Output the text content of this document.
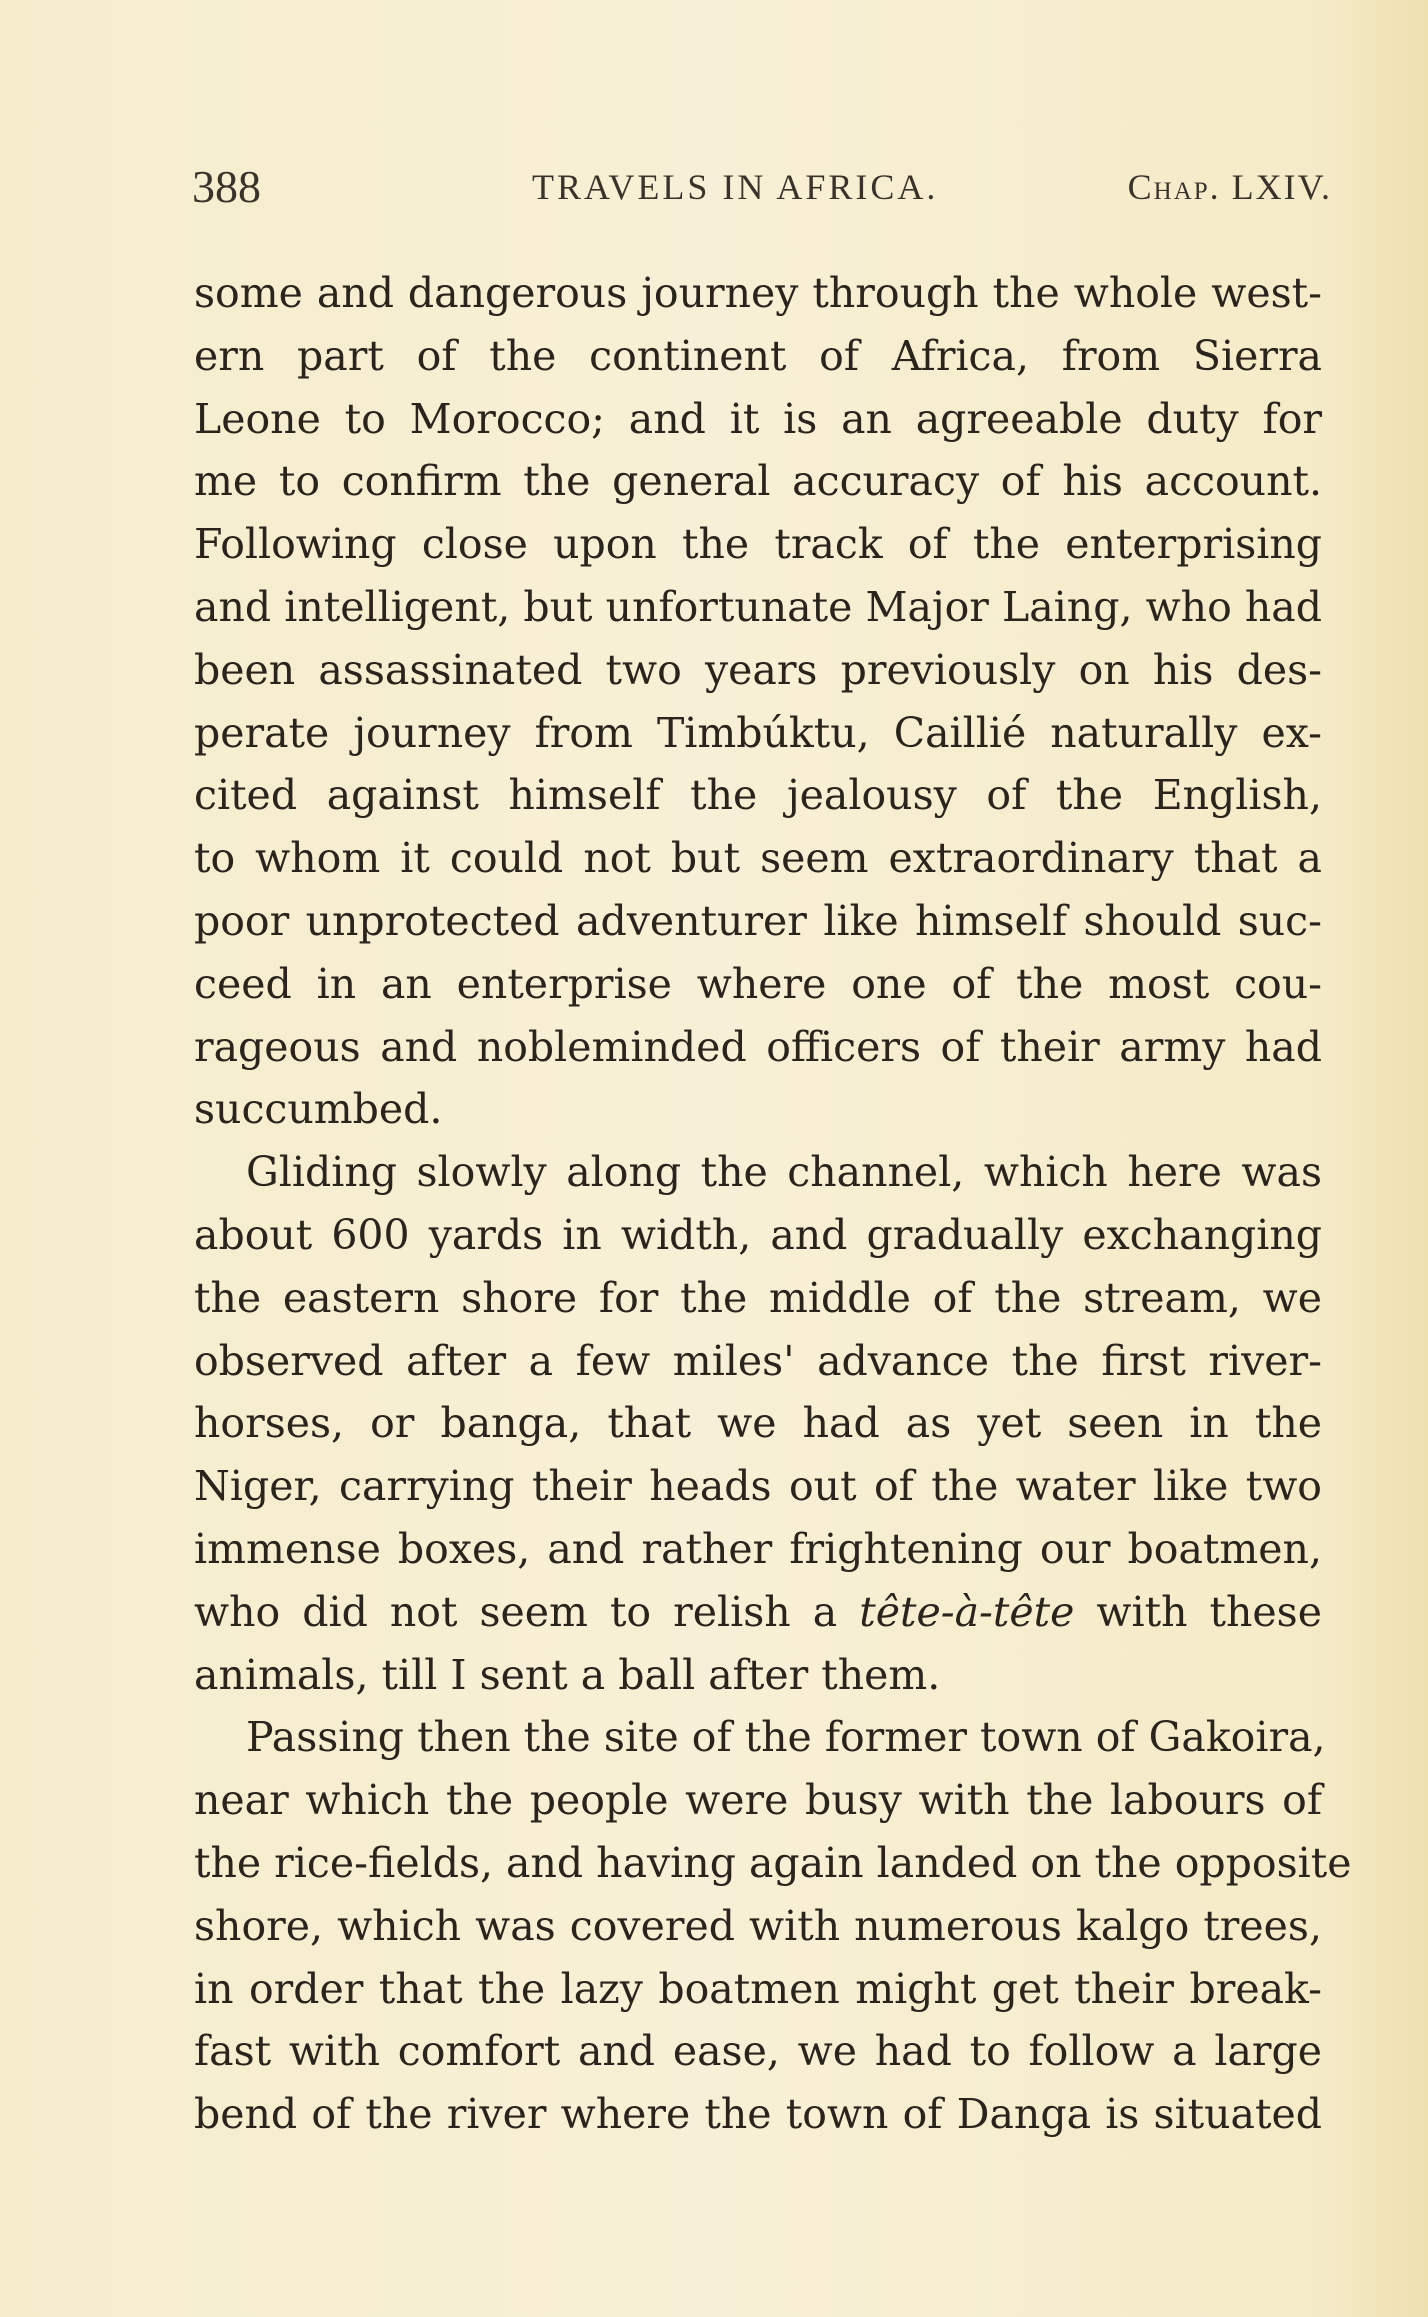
388	TRAVELS IN AFRICA.	Chap. LXIV.
some and dangerous journey through the whole west-
ern part of the continent of Africa, from Sierra
Leone to Morocco; and it is an agreeable duty for
me to confirm the general accuracy of his account.
Following close upon the track of the enterprising
and intelligent, but unfortunate Major Laing, who had
been assassinated two years previously on his des-
perate journey from Timbúktu, Caillié naturally ex-
cited against himself the jealousy of the English,
to whom it could not but seem extraordinary that a
poor unprotected adventurer like himself should suc-
ceed in an enterprise where one of the most cou-
rageous and nobleminded officers of their army had
succumbed.
Gliding slowly along the channel, which here was
about 600 yards in width, and gradually exchanging
the eastern shore for the middle of the stream, we
observed after a few miles' advance the first river-
horses, or banga, that we had as yet seen in the
Niger, carrying their heads out of the water like two
immense boxes, and rather frightening our boatmen,
who did not seem to relish a tête-à-tête with these
animals, till I sent a ball after them.
Passing then the site of the former town of Gakoira,
near which the people were busy with the labours of
the rice-fields, and having again landed on the opposite
shore, which was covered with numerous kalgo trees,
in order that the lazy boatmen might get their break-
fast with comfort and ease, we had to follow a large
bend of the river where the town of Danga is situated
